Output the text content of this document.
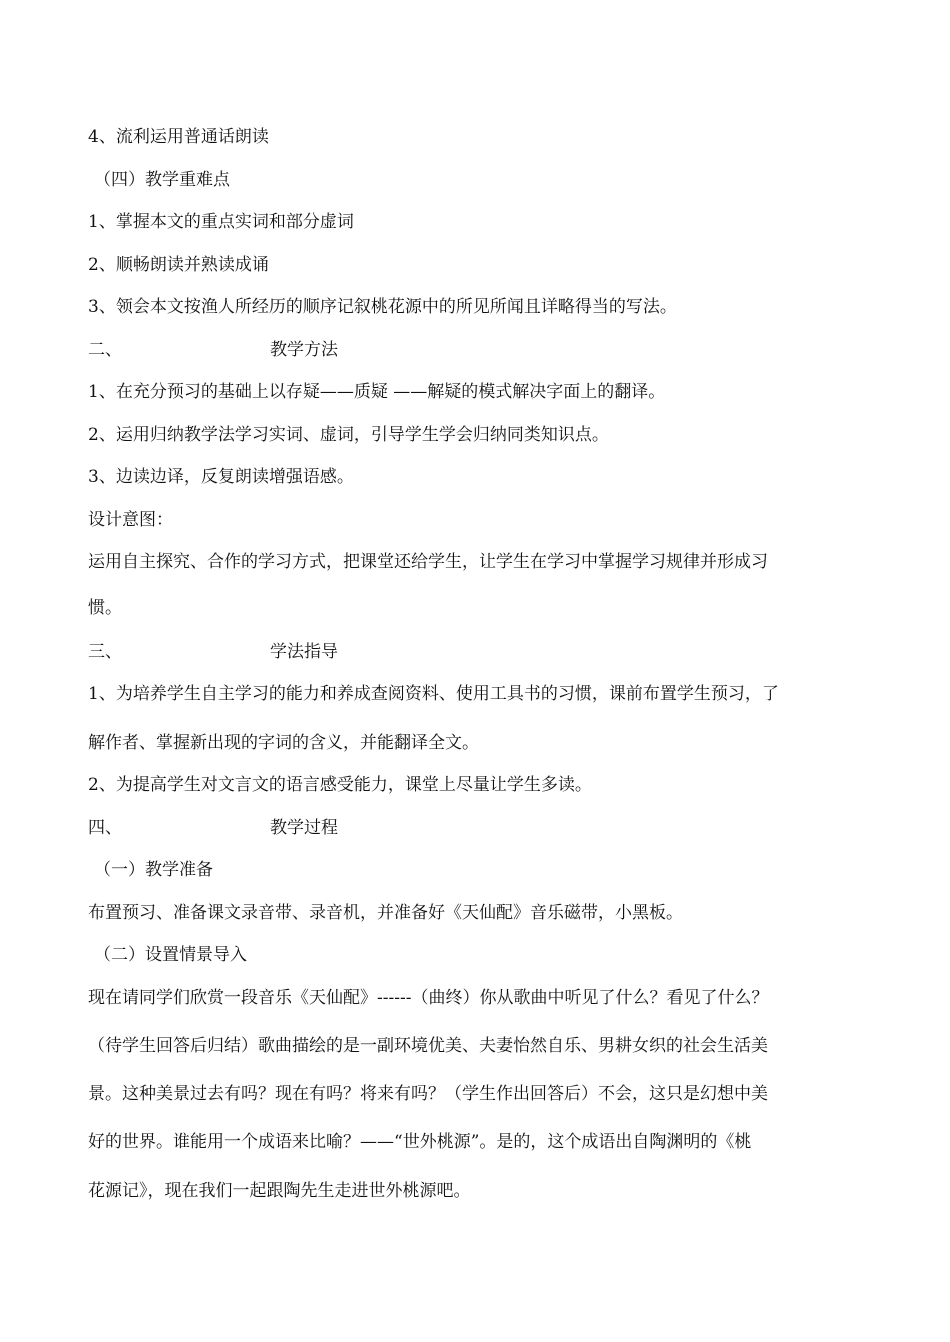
4、流利运用普通话朗读
（四）教学重难点
1、掌握本文的重点实词和部分虚词
2、顺畅朗读并熟读成诵
3、领会本文按渔人所经历的顺序记叙桃花源中的所见所闻且详略得当的写法。
二、	教学方法
1、在充分预习的基础上以存疑——质疑 ——解疑的模式解决字面上的翻译。
2、运用归纳教学法学习实词、虚词，引导学生学会归纳同类知识点。
3、边读边译，反复朗读增强语感。
设计意图：
运用自主探究、合作的学习方式，把课堂还给学生，让学生在学习中掌握学习规律并形成习
惯。
三、	学法指导
1、为培养学生自主学习的能力和养成查阅资料、使用工具书的习惯，课前布置学生预习，了
解作者、掌握新出现的字词的含义，并能翻译全文。
2、为提高学生对文言文的语言感受能力，课堂上尽量让学生多读。
四、	教学过程
（一）教学准备
布置预习、准备课文录音带、录音机，并准备好《天仙配》音乐磁带，小黑板。
（二）设置情景导入
现在请同学们欣赏一段音乐《天仙配》------（曲终）你从歌曲中听见了什么？看见了什么？
（待学生回答后归结）歌曲描绘的是一副环境优美、夫妻怡然自乐、男耕女织的社会生活美
景。这种美景过去有吗？现在有吗？将来有吗？（学生作出回答后）不会，这只是幻想中美
好的世界。谁能用一个成语来比喻？——“世外桃源”。是的，这个成语出自陶渊明的《桃
花源记》，现在我们一起跟陶先生走进世外桃源吧。
